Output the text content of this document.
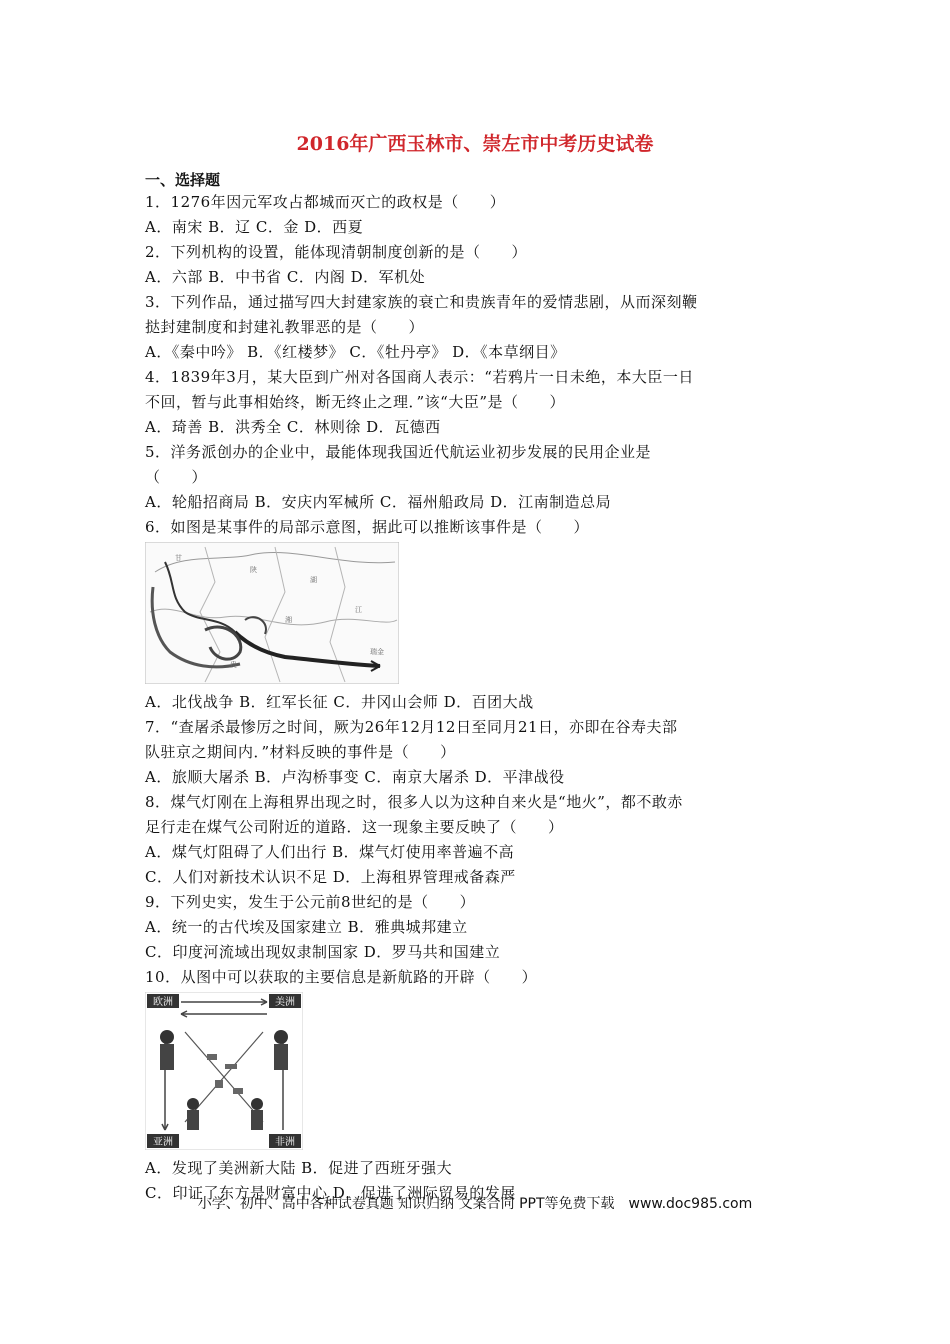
2016年广西玉林市、崇左市中考历史试卷
一、选择题
1．1276年因元军攻占都城而灭亡的政权是（　　）
A．南宋 B．辽 C．金 D．西夏
2．下列机构的设置，能体现清朝制度创新的是（　　）
A．六部 B．中书省 C．内阁 D．军机处
3．下列作品，通过描写四大封建家族的衰亡和贵族青年的爱情悲剧，从而深刻鞭
挞封建制度和封建礼教罪恶的是（　　）
A．《秦中吟》 B．《红楼梦》 C．《牡丹亭》 D．《本草纲目》
4．1839年3月，某大臣到广州对各国商人表示：“若鸦片一日未绝，本大臣一日
不回，暂与此事相始终，断无终止之理．”该“大臣”是（　　）
A．琦善 B．洪秀全 C．林则徐 D．瓦德西
5．洋务派创办的企业中，最能体现我国近代航运业初步发展的民用企业是
（　　）
A．轮船招商局 B．安庆内军械所 C．福州船政局 D．江南制造总局
6．如图是某事件的局部示意图，据此可以推断该事件是（　　）
甘
陕
湖
江
湘
贵
瑞金
A．北伐战争 B．红军长征 C．井冈山会师 D．百团大战
7．“查屠杀最惨厉之时间，厥为26年12月12日至同月21日，亦即在谷寿夫部
队驻京之期间内．”材料反映的事件是（　　）
A．旅顺大屠杀 B．卢沟桥事变 C．南京大屠杀 D．平津战役
8．煤气灯刚在上海租界出现之时，很多人以为这种自来火是“地火”，都不敢赤
足行走在煤气公司附近的道路．这一现象主要反映了（　　）
A．煤气灯阻碍了人们出行 B．煤气灯使用率普遍不高
C．人们对新技术认识不足 D．上海租界管理戒备森严
9．下列史实，发生于公元前8世纪的是（　　）
A．统一的古代埃及国家建立 B．雅典城邦建立
C．印度河流域出现奴隶制国家 D．罗马共和国建立
10．从图中可以获取的主要信息是新航路的开辟（　　）
欧洲	美洲
亚洲	非洲
A．发现了美洲新大陆 B．促进了西班牙强大
C．印证了东方是财富中心 D．促进了洲际贸易的发展
小学、初中、高中各种试卷真题 知识归纳 文案合同 PPT等免费下载　www.doc985.com
